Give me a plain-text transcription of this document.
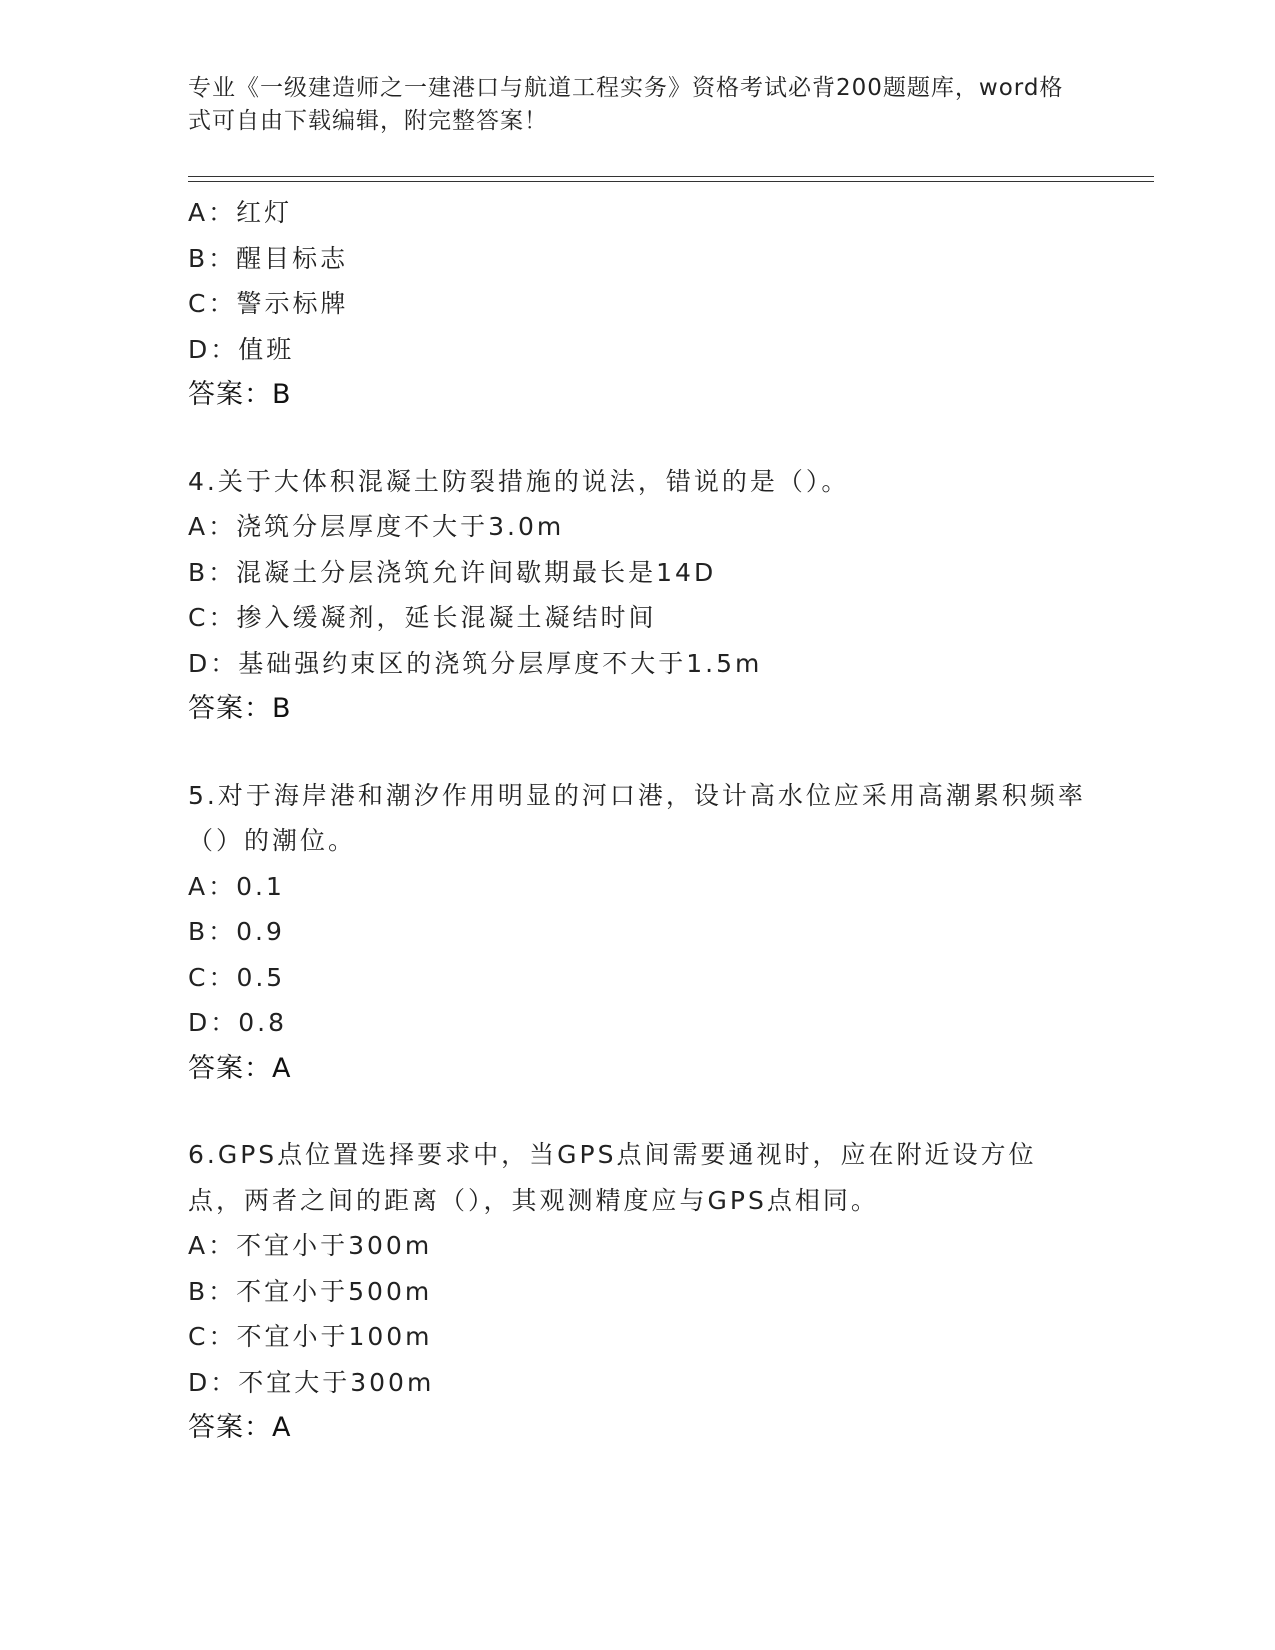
专业《一级建造师之一建港口与航道工程实务》资格考试必背200题题库，word格式可自由下载编辑，附完整答案！
A：红灯
B：醒目标志
C：警示标牌
D：值班
答案：B
4.关于大体积混凝土防裂措施的说法，错说的是（）。
A：浇筑分层厚度不大于3.0m
B：混凝土分层浇筑允许间歇期最长是14D
C：掺入缓凝剂，延长混凝土凝结时间
D：基础强约束区的浇筑分层厚度不大于1.5m
答案：B
5.对于海岸港和潮汐作用明显的河口港，设计高水位应采用高潮累积频率（）的潮位。
A：0.1
B：0.9
C：0.5
D：0.8
答案：A
6.GPS点位置选择要求中，当GPS点间需要通视时，应在附近设方位点，两者之间的距离（），其观测精度应与GPS点相同。
A：不宜小于300m
B：不宜小于500m
C：不宜小于100m
D：不宜大于300m
答案：A
